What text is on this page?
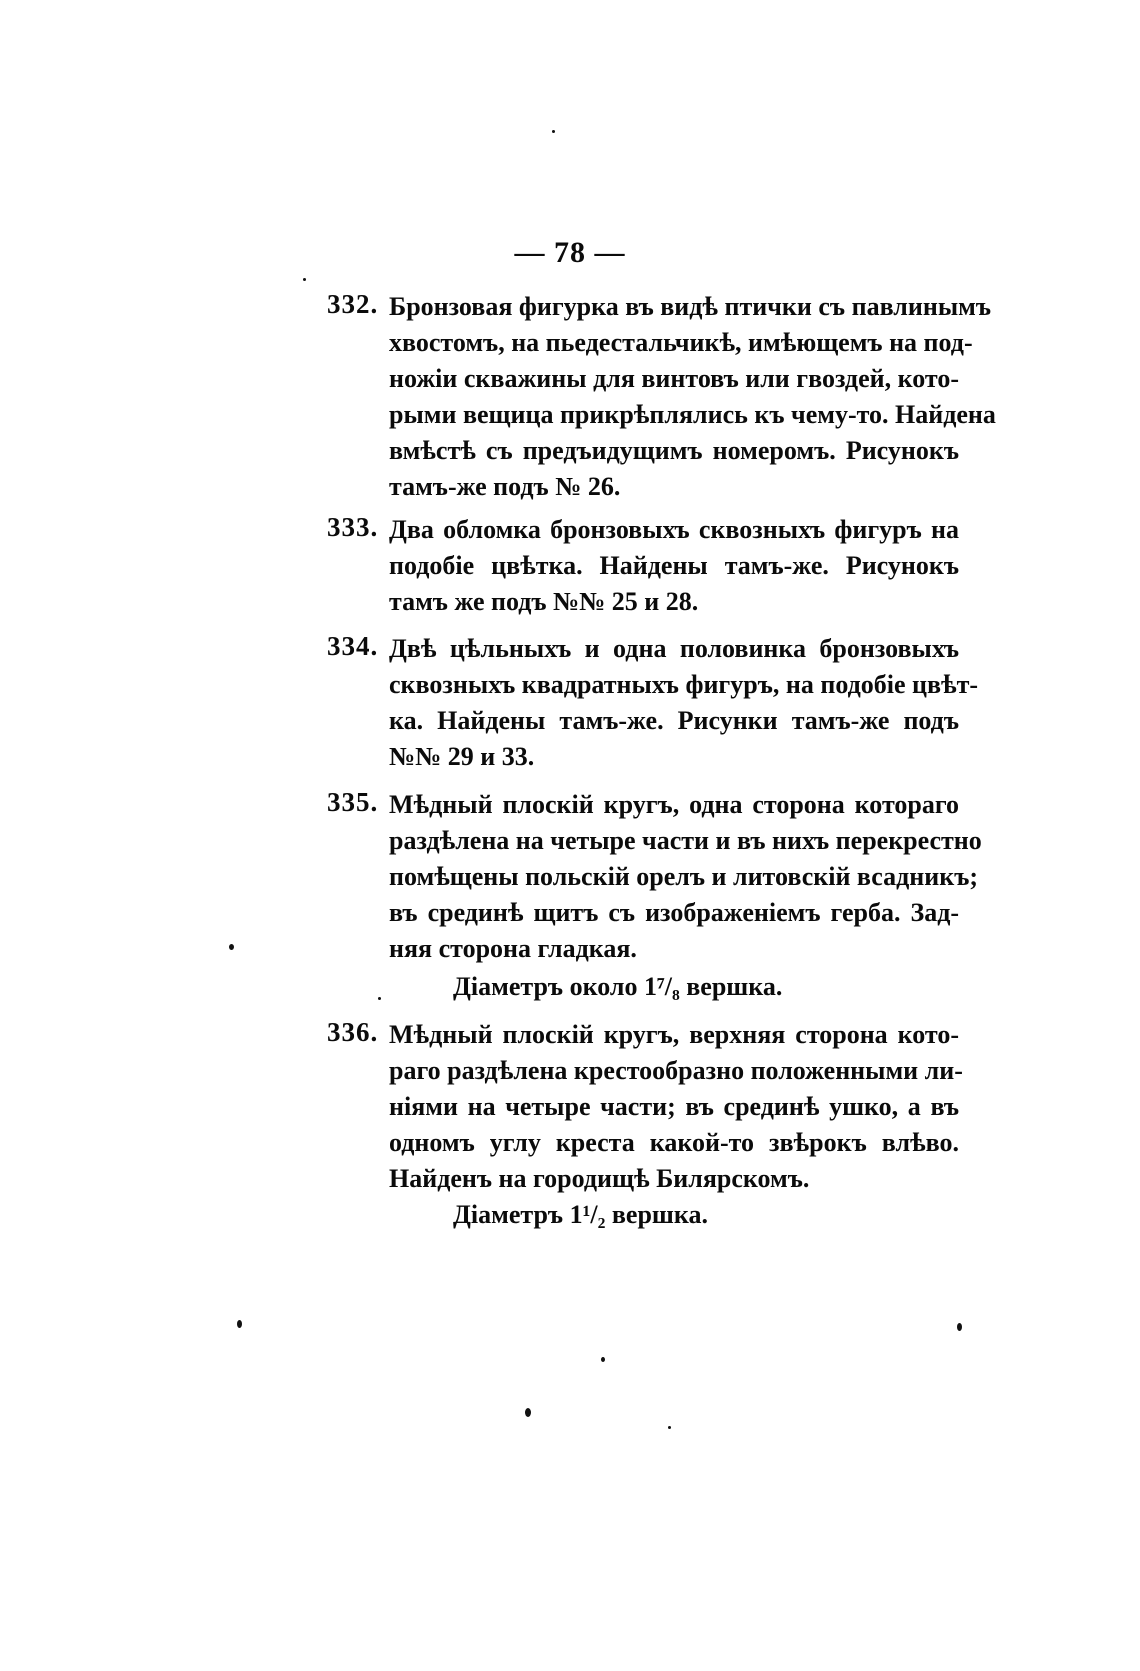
— 78 —
332. Бронзовая фигурка въ видѣ птички съ павлинымъ
хвостомъ, на пьедестальчикѣ, имѣющемъ на под-
ножіи скважины для винтовъ или гвоздей, кото-
рыми вещица прикрѣплялись къ чему-то. Найдена
вмѣстѣ съ предъидущимъ номеромъ. Рисунокъ
тамъ-же подъ № 26.
333. Два обломка бронзовыхъ сквозныхъ фигуръ на
подобіе цвѣтка. Найдены тамъ-же. Рисунокъ
тамъ же подъ №№ 25 и 28.
334. Двѣ цѣльныхъ и одна половинка бронзовыхъ
сквозныхъ квадратныхъ фигуръ, на подобіе цвѣт-
ка. Найдены тамъ-же. Рисунки тамъ-же подъ
№№ 29 и 33.
335. Мѣдный плоскій кругъ, одна сторона котораго
раздѣлена на четыре части и въ нихъ перекрестно
помѣщены польскій орелъ и литовскій всадникъ;
въ срединѣ щитъ съ изображеніемъ герба. Зад-
няя сторона гладкая.
Діаметръ около 1⁷/₈ вершка.
336. Мѣдный плоскій кругъ, верхняя сторона кото-
раго раздѣлена крестообразно положенными ли-
ніями на четыре части; въ срединѣ ушко, а въ
одномъ углу креста какой-то звѣрокъ влѣво.
Найденъ на городищѣ Билярскомъ.
Діаметръ 1¹/₂ вершка.
